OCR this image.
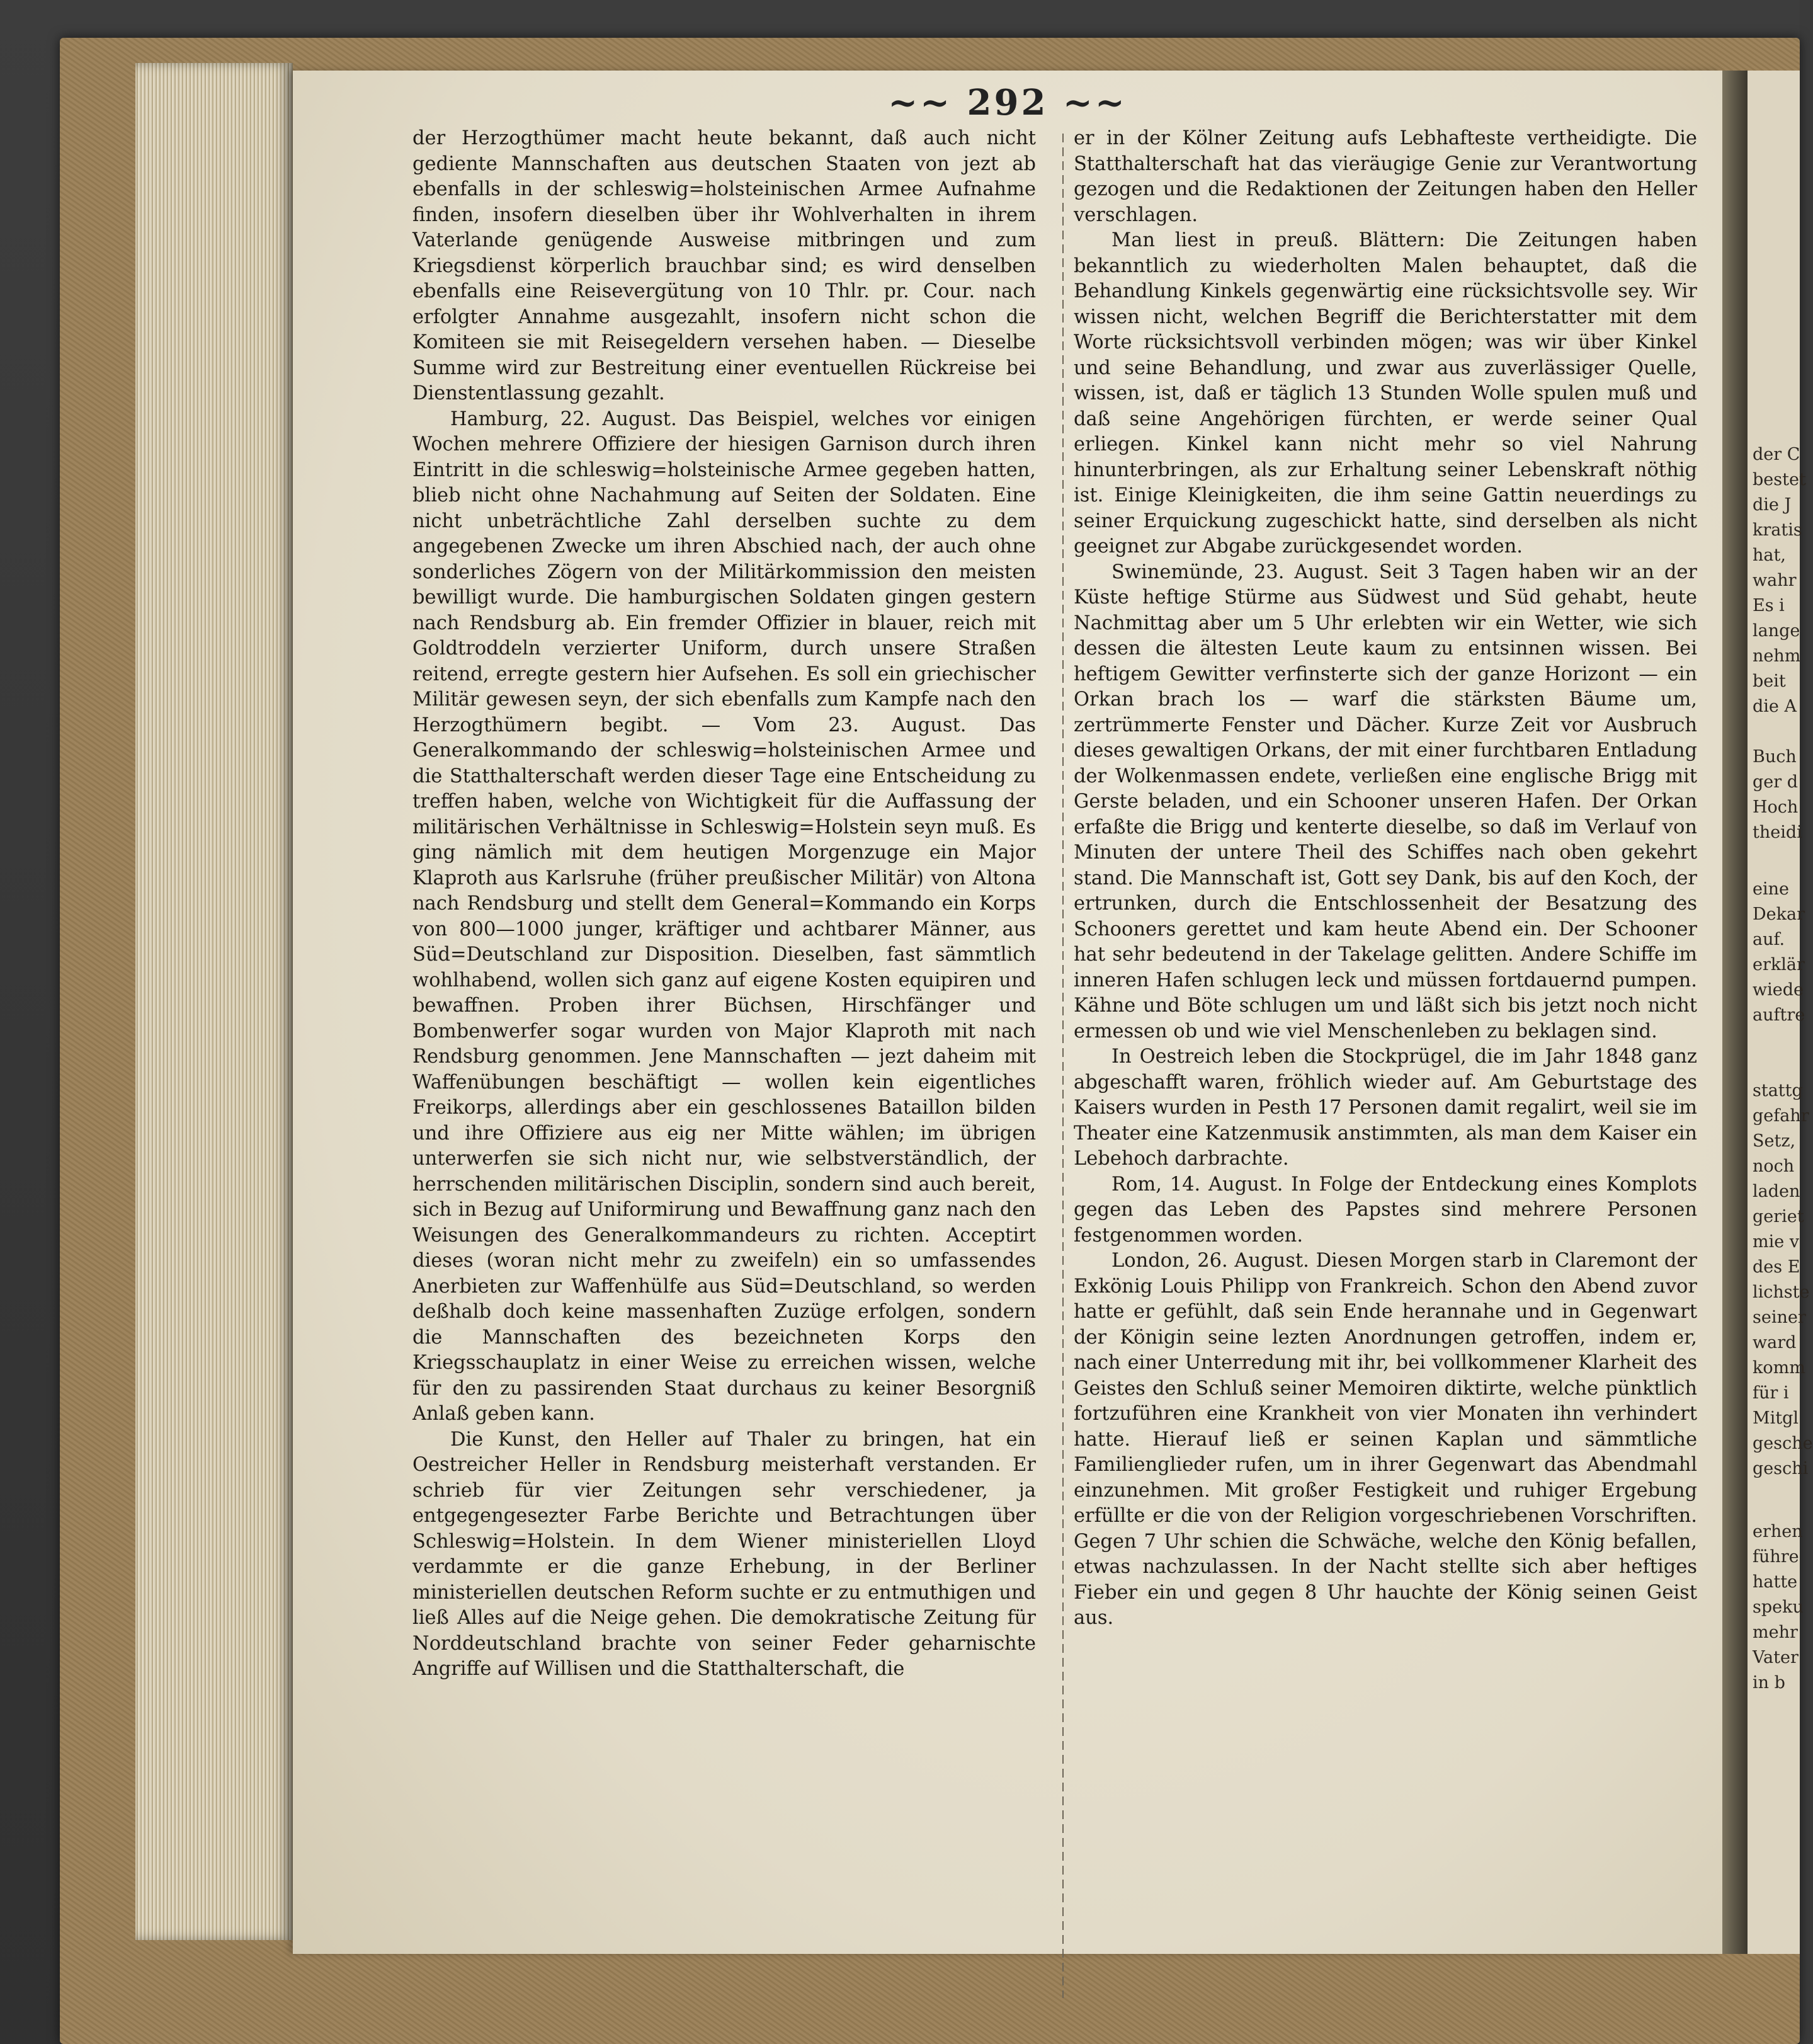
~~ 292 ~~

der Herzogthümer macht heute bekannt, daß auch nicht gediente Mannschaften aus deutschen Staaten von jezt ab ebenfalls in der schleswig=holsteinischen Armee Aufnahme finden, insofern dieselben über ihr Wohlverhalten in ihrem Vaterlande genügende Ausweise mitbringen und zum Kriegsdienst körperlich brauchbar sind; es wird denselben ebenfalls eine Reisevergütung von 10 Thlr. pr. Cour. nach erfolgter Annahme ausgezahlt, insofern nicht schon die Komiteen sie mit Reisegeldern versehen haben. — Dieselbe Summe wird zur Bestreitung einer eventuellen Rückreise bei Dienstentlassung gezahlt.

Hamburg, 22. August. Das Beispiel, welches vor einigen Wochen mehrere Offiziere der hiesigen Garnison durch ihren Eintritt in die schleswig=holsteinische Armee gegeben hatten, blieb nicht ohne Nachahmung auf Seiten der Soldaten. Eine nicht unbeträchtliche Zahl derselben suchte zu dem angegebenen Zwecke um ihren Abschied nach, der auch ohne sonderliches Zögern von der Militärkommission den meisten bewilligt wurde. Die hamburgischen Soldaten gingen gestern nach Rendsburg ab. Ein fremder Offizier in blauer, reich mit Goldtroddeln verzierter Uniform, durch unsere Straßen reitend, erregte gestern hier Aufsehen. Es soll ein griechischer Militär gewesen seyn, der sich ebenfalls zum Kampfe nach den Herzogthümern begibt. — Vom 23. August. Das Generalkommando der schleswig=holsteinischen Armee und die Statthalterschaft werden dieser Tage eine Entscheidung zu treffen haben, welche von Wichtigkeit für die Auffassung der militärischen Verhältnisse in Schleswig=Holstein seyn muß. Es ging nämlich mit dem heutigen Morgenzuge ein Major Klaproth aus Karlsruhe (früher preußischer Militär) von Altona nach Rendsburg und stellt dem General=Kommando ein Korps von 800—1000 junger, kräftiger und achtbarer Männer, aus Süd=Deutschland zur Disposition. Dieselben, fast sämmtlich wohlhabend, wollen sich ganz auf eigene Kosten equipiren und bewaffnen. Proben ihrer Büchsen, Hirschfänger und Bombenwerfer sogar wurden von Major Klaproth mit nach Rendsburg genommen. Jene Mannschaften — jezt daheim mit Waffenübungen beschäftigt — wollen kein eigentliches Freikorps, allerdings aber ein geschlossenes Bataillon bilden und ihre Offiziere aus eig ner Mitte wählen; im übrigen unterwerfen sie sich nicht nur, wie selbstverständlich, der herrschenden militärischen Disciplin, sondern sind auch bereit, sich in Bezug auf Uniformirung und Bewaffnung ganz nach den Weisungen des Generalkommandeurs zu richten. Acceptirt dieses (woran nicht mehr zu zweifeln) ein so umfassendes Anerbieten zur Waffenhülfe aus Süd=Deutschland, so werden deßhalb doch keine massenhaften Zuzüge erfolgen, sondern die Mannschaften des bezeichneten Korps den Kriegsschauplatz in einer Weise zu erreichen wissen, welche für den zu passirenden Staat durchaus zu keiner Besorgniß Anlaß geben kann.

Die Kunst, den Heller auf Thaler zu bringen, hat ein Oestreicher Heller in Rendsburg meisterhaft verstanden. Er schrieb für vier Zeitungen sehr verschiedener, ja entgegengesezter Farbe Berichte und Betrachtungen über Schleswig=Holstein. In dem Wiener ministeriellen Lloyd verdammte er die ganze Erhebung, in der Berliner ministeriellen deutschen Reform suchte er zu entmuthigen und ließ Alles auf die Neige gehen. Die demokratische Zeitung für Norddeutschland brachte von seiner Feder geharnischte Angriffe auf Willisen und die Statthalterschaft, die

er in der Kölner Zeitung aufs Lebhafteste vertheidigte. Die Statthalterschaft hat das vieräugige Genie zur Verantwortung gezogen und die Redaktionen der Zeitungen haben den Heller verschlagen.

Man liest in preuß. Blättern: Die Zeitungen haben bekanntlich zu wiederholten Malen behauptet, daß die Behandlung Kinkels gegenwärtig eine rücksichtsvolle sey. Wir wissen nicht, welchen Begriff die Berichterstatter mit dem Worte rücksichtsvoll verbinden mögen; was wir über Kinkel und seine Behandlung, und zwar aus zuverlässiger Quelle, wissen, ist, daß er täglich 13 Stunden Wolle spulen muß und daß seine Angehörigen fürchten, er werde seiner Qual erliegen. Kinkel kann nicht mehr so viel Nahrung hinunterbringen, als zur Erhaltung seiner Lebenskraft nöthig ist. Einige Kleinigkeiten, die ihm seine Gattin neuerdings zu seiner Erquickung zugeschickt hatte, sind derselben als nicht geeignet zur Abgabe zurückgesendet worden.

Swinemünde, 23. August. Seit 3 Tagen haben wir an der Küste heftige Stürme aus Südwest und Süd gehabt, heute Nachmittag aber um 5 Uhr erlebten wir ein Wetter, wie sich dessen die ältesten Leute kaum zu entsinnen wissen. Bei heftigem Gewitter verfinsterte sich der ganze Horizont — ein Orkan brach los — warf die stärksten Bäume um, zertrümmerte Fenster und Dächer. Kurze Zeit vor Ausbruch dieses gewaltigen Orkans, der mit einer furchtbaren Entladung der Wolkenmassen endete, verließen eine englische Brigg mit Gerste beladen, und ein Schooner unseren Hafen. Der Orkan erfaßte die Brigg und kenterte dieselbe, so daß im Verlauf von Minuten der untere Theil des Schiffes nach oben gekehrt stand. Die Mannschaft ist, Gott sey Dank, bis auf den Koch, der ertrunken, durch die Entschlossenheit der Besatzung des Schooners gerettet und kam heute Abend ein. Der Schooner hat sehr bedeutend in der Takelage gelitten. Andere Schiffe im inneren Hafen schlugen leck und müssen fortdauernd pumpen. Kähne und Böte schlugen um und läßt sich bis jetzt noch nicht ermessen ob und wie viel Menschenleben zu beklagen sind.

In Oestreich leben die Stockprügel, die im Jahr 1848 ganz abgeschafft waren, fröhlich wieder auf. Am Geburtstage des Kaisers wurden in Pesth 17 Personen damit regalirt, weil sie im Theater eine Katzenmusik anstimmten, als man dem Kaiser ein Lebehoch darbrachte.

Rom, 14. August. In Folge der Entdeckung eines Komplots gegen das Leben des Papstes sind mehrere Personen festgenommen worden.

London, 26. August. Diesen Morgen starb in Claremont der Exkönig Louis Philipp von Frankreich. Schon den Abend zuvor hatte er gefühlt, daß sein Ende herannahe und in Gegenwart der Königin seine lezten Anordnungen getroffen, indem er, nach einer Unterredung mit ihr, bei vollkommener Klarheit des Geistes den Schluß seiner Memoiren diktirte, welche pünktlich fortzuführen eine Krankheit von vier Monaten ihn verhindert hatte. Hierauf ließ er seinen Kaplan und sämmtliche Familienglieder rufen, um in ihrer Gegenwart das Abendmahl einzunehmen. Mit großer Festigkeit und ruhiger Ergebung erfüllte er die von der Religion vorgeschriebenen Vorschriften. Gegen 7 Uhr schien die Schwäche, welche den König befallen, etwas nachzulassen. In der Nacht stellte sich aber heftiges Fieber ein und gegen 8 Uhr hauchte der König seinen Geist aus.

der C
bestet
die J
kratis
hat,
wahr
Es i
lange
nehm
beit
die A
Buch
ger d
Hoch
theidi
eine
Dekar
auf.
erklär
wiede
auftre
stattg
gefahr
Setz,
noch
laden
geriet
mie v
des E
lichste
seiner
ward
komm
für i
Mitgl
gesche
geschi
erhen
führe
hatte
speku
mehr
Vater
in b
